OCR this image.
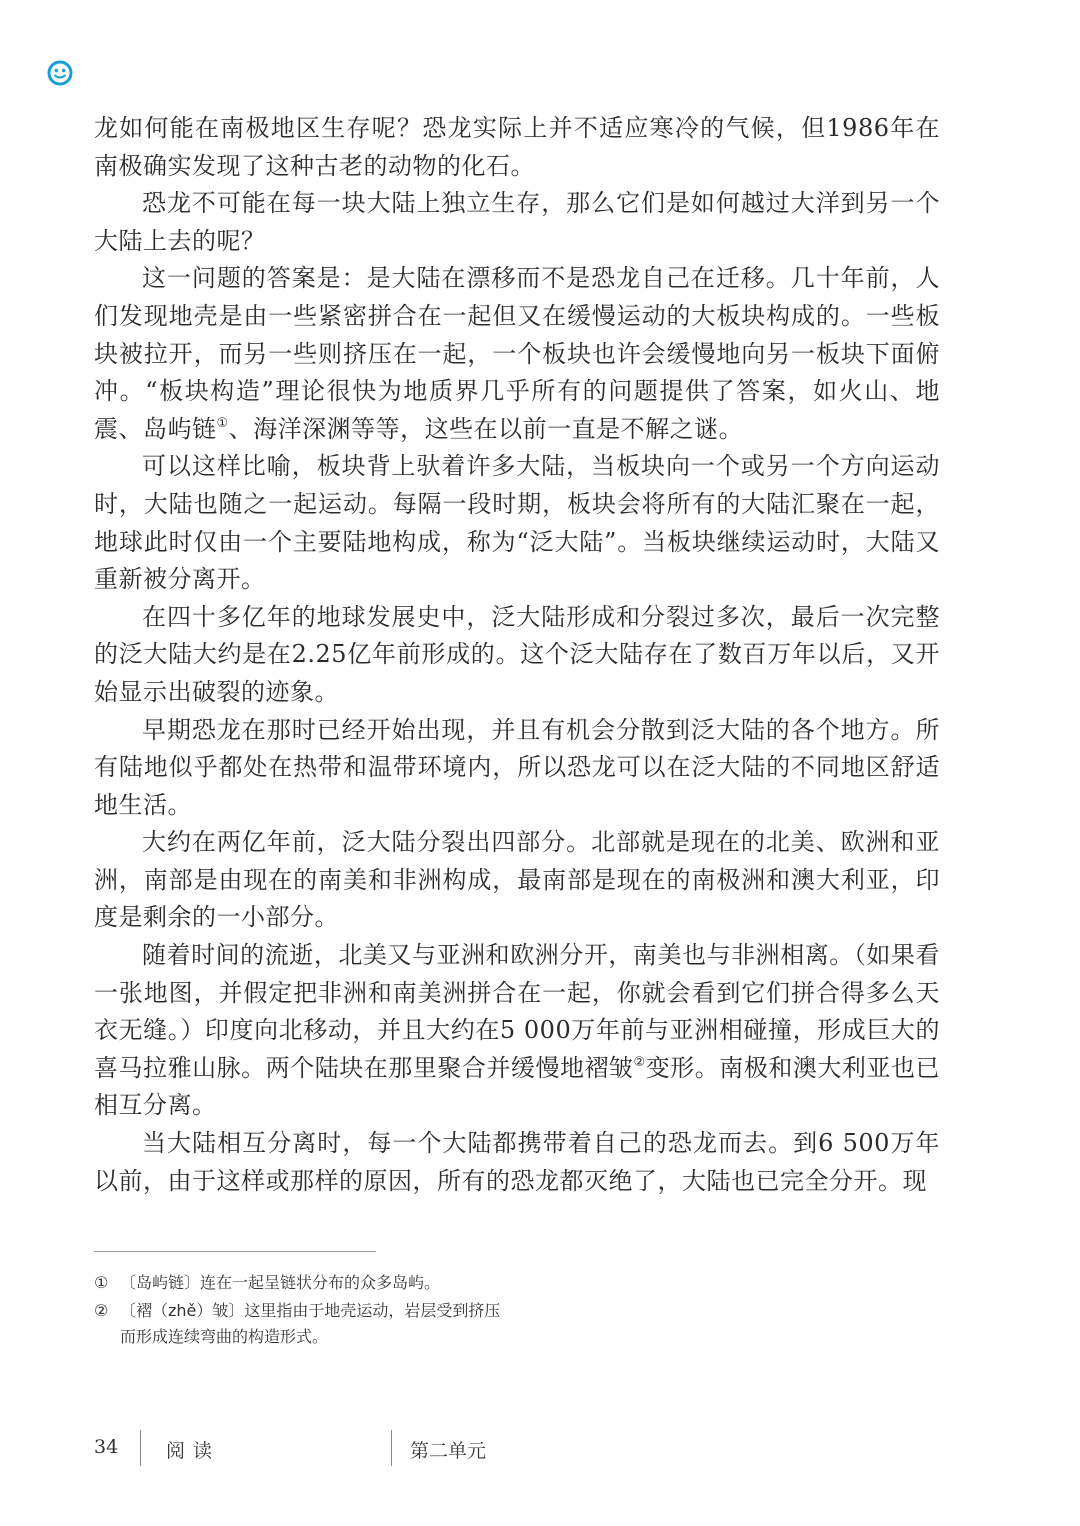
龙如何能在南极地区生存呢？恐龙实际上并不适应寒冷的气候，但1986年在南极确实发现了这种古老的动物的化石。

恐龙不可能在每一块大陆上独立生存，那么它们是如何越过大洋到另一个大陆上去的呢？

这一问题的答案是：是大陆在漂移而不是恐龙自己在迁移。几十年前，人们发现地壳是由一些紧密拼合在一起但又在缓慢运动的大板块构成的。一些板块被拉开，而另一些则挤压在一起，一个板块也许会缓慢地向另一板块下面俯冲。“板块构造”理论很快为地质界几乎所有的问题提供了答案，如火山、地震、岛屿链①、海洋深渊等等，这些在以前一直是不解之谜。

可以这样比喻，板块背上驮着许多大陆，当板块向一个或另一个方向运动时，大陆也随之一起运动。每隔一段时期，板块会将所有的大陆汇聚在一起，地球此时仅由一个主要陆地构成，称为“泛大陆”。当板块继续运动时，大陆又重新被分离开。

在四十多亿年的地球发展史中，泛大陆形成和分裂过多次，最后一次完整的泛大陆大约是在2.25亿年前形成的。这个泛大陆存在了数百万年以后，又开始显示出破裂的迹象。

早期恐龙在那时已经开始出现，并且有机会分散到泛大陆的各个地方。所有陆地似乎都处在热带和温带环境内，所以恐龙可以在泛大陆的不同地区舒适地生活。

大约在两亿年前，泛大陆分裂出四部分。北部就是现在的北美、欧洲和亚洲，南部是由现在的南美和非洲构成，最南部是现在的南极洲和澳大利亚，印度是剩余的一小部分。

随着时间的流逝，北美又与亚洲和欧洲分开，南美也与非洲相离。（如果看一张地图，并假定把非洲和南美洲拼合在一起，你就会看到它们拼合得多么天衣无缝。）印度向北移动，并且大约在5 000万年前与亚洲相碰撞，形成巨大的喜马拉雅山脉。两个陆块在那里聚合并缓慢地褶皱②变形。南极和澳大利亚也已相互分离。

当大陆相互分离时，每一个大陆都携带着自己的恐龙而去。到6 500万年以前，由于这样或那样的原因，所有的恐龙都灭绝了，大陆也已完全分开。现

① 〔岛屿链〕连在一起呈链状分布的众多岛屿。
② 〔褶（zhě）皱〕这里指由于地壳运动，岩层受到挤压而形成连续弯曲的构造形式。
34	阅读	第二单元
